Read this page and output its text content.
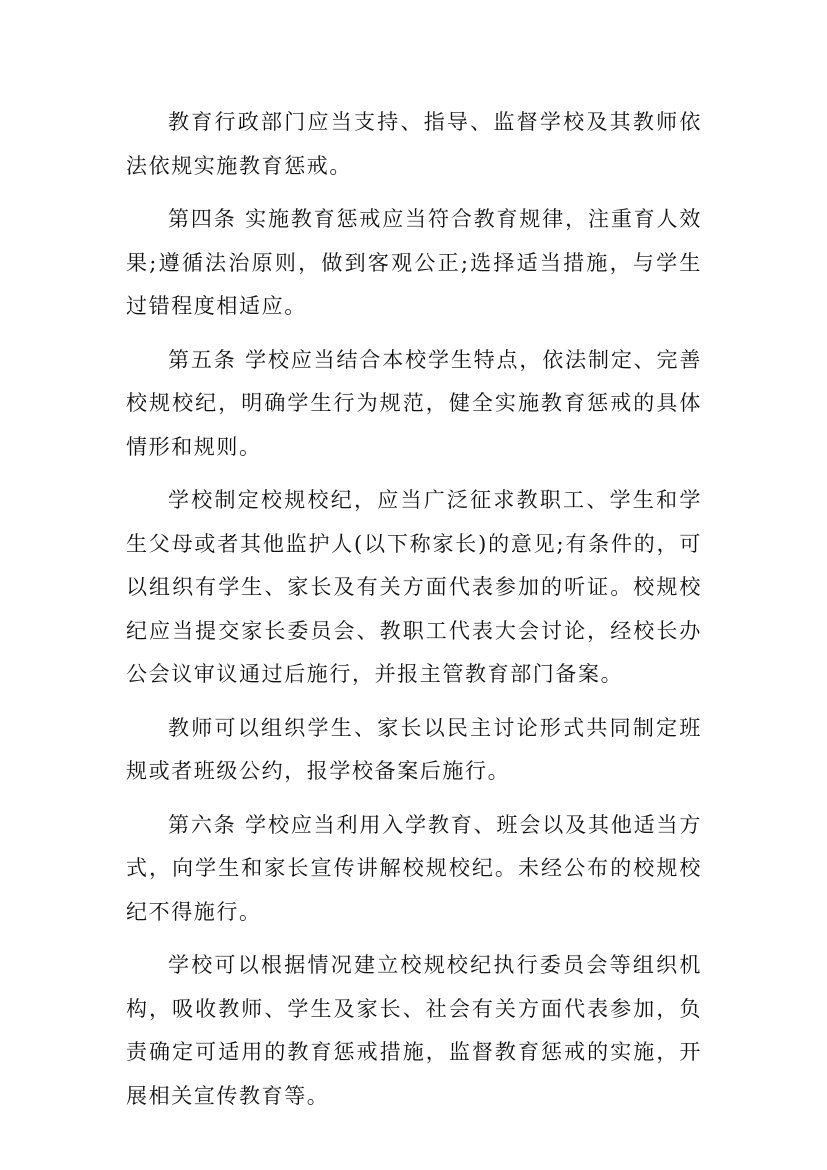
教育行政部门应当支持、指导、监督学校及其教师依法依规实施教育惩戒。

第四条 实施教育惩戒应当符合教育规律，注重育人效果;遵循法治原则，做到客观公正;选择适当措施，与学生过错程度相适应。

第五条 学校应当结合本校学生特点，依法制定、完善校规校纪，明确学生行为规范，健全实施教育惩戒的具体情形和规则。

学校制定校规校纪，应当广泛征求教职工、学生和学生父母或者其他监护人(以下称家长)的意见;有条件的，可以组织有学生、家长及有关方面代表参加的听证。校规校纪应当提交家长委员会、教职工代表大会讨论，经校长办公会议审议通过后施行，并报主管教育部门备案。

教师可以组织学生、家长以民主讨论形式共同制定班规或者班级公约，报学校备案后施行。

第六条 学校应当利用入学教育、班会以及其他适当方式，向学生和家长宣传讲解校规校纪。未经公布的校规校纪不得施行。

学校可以根据情况建立校规校纪执行委员会等组织机构，吸收教师、学生及家长、社会有关方面代表参加，负责确定可适用的教育惩戒措施，监督教育惩戒的实施，开展相关宣传教育等。
